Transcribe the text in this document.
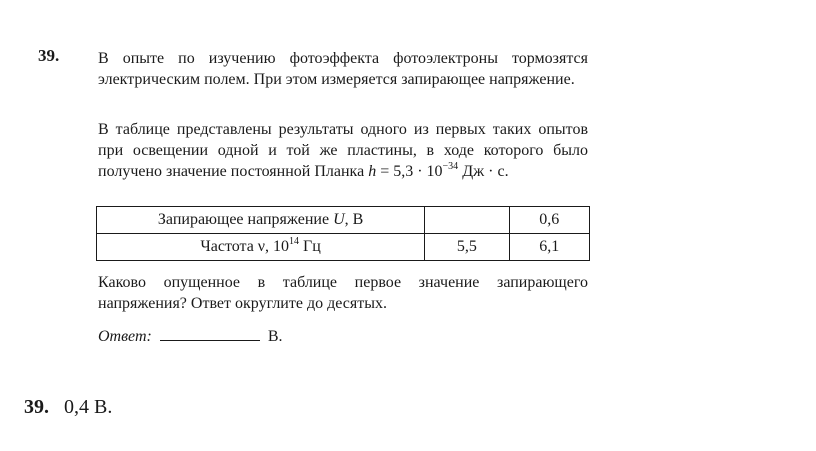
39. В опыте по изучению фотоэффекта фотоэлектроны тормозятся электрическим полем. При этом измеряется запирающее напряжение.
В таблице представлены результаты одного из первых таких опытов при освещении одной и той же пластины, в ходе которого было получено значение постоянной Планка $h = 5,3 \cdot 10^{-34}$ Дж · с.
Запирающее напряжение U, В		0,6
Частота ν, $10^{14}$ Гц	5,5	6,1
Каково опущенное в таблице первое значение запирающего напряжения? Ответ округлите до десятых.
Ответ:	В.
39. 0,4 В.
